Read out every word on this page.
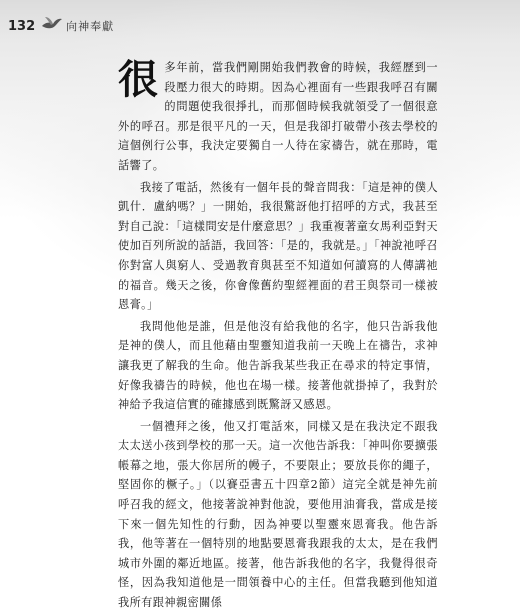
132	向神奉獻

很多年前，當我們剛開始我們教會的時候，我經歷到一段壓力很大的時期。因為心裡面有一些跟我呼召有關的問題使我很掙扎，而那個時候我就領受了一個很意外的呼召。那是很平凡的一天，但是我卻打破帶小孩去學校的這個例行公事，我決定要獨自一人待在家禱告，就在那時，電話響了。

我接了電話，然後有一個年長的聲音問我：「這是神的僕人凱什．盧納嗎？」一開始，我很驚訝他打招呼的方式，我甚至對自己說：「這樣問安是什麼意思？」我重複著童女馬利亞對天使加百列所說的話語，我回答：「是的，我就是。」「神說祂呼召你對富人與窮人、受過教育與甚至不知道如何讀寫的人傳講祂的福音。幾天之後，你會像舊約聖經裡面的君王與祭司一樣被恩膏。」

我問他他是誰，但是他沒有給我他的名字，他只告訴我他是神的僕人，而且他藉由聖靈知道我前一天晚上在禱告，求神讓我更了解我的生命。他告訴我某些我正在尋求的特定事情，好像我禱告的時候，他也在場一樣。接著他就掛掉了，我對於神給予我這信實的確據感到既驚訝又感恩。

一個禮拜之後，他又打電話來，同樣又是在我決定不跟我太太送小孩到學校的那一天。這一次他告訴我：「神叫你要擴張帳幕之地，張大你居所的幔子，不要限止；要放長你的繩子，堅固你的橛子。」（以賽亞書五十四章2節）這完全就是神先前呼召我的經文，他接著說神對他說，要他用油膏我，當成是接下來一個先知性的行動，因為神要以聖靈來恩膏我。他告訴我，他等著在一個特別的地點要恩膏我跟我的太太，是在我們城市外圍的鄰近地區。接著，他告訴我他的名字，我覺得很奇怪，因為我知道他是一間領養中心的主任。但當我聽到他知道我所有跟神親密關係
